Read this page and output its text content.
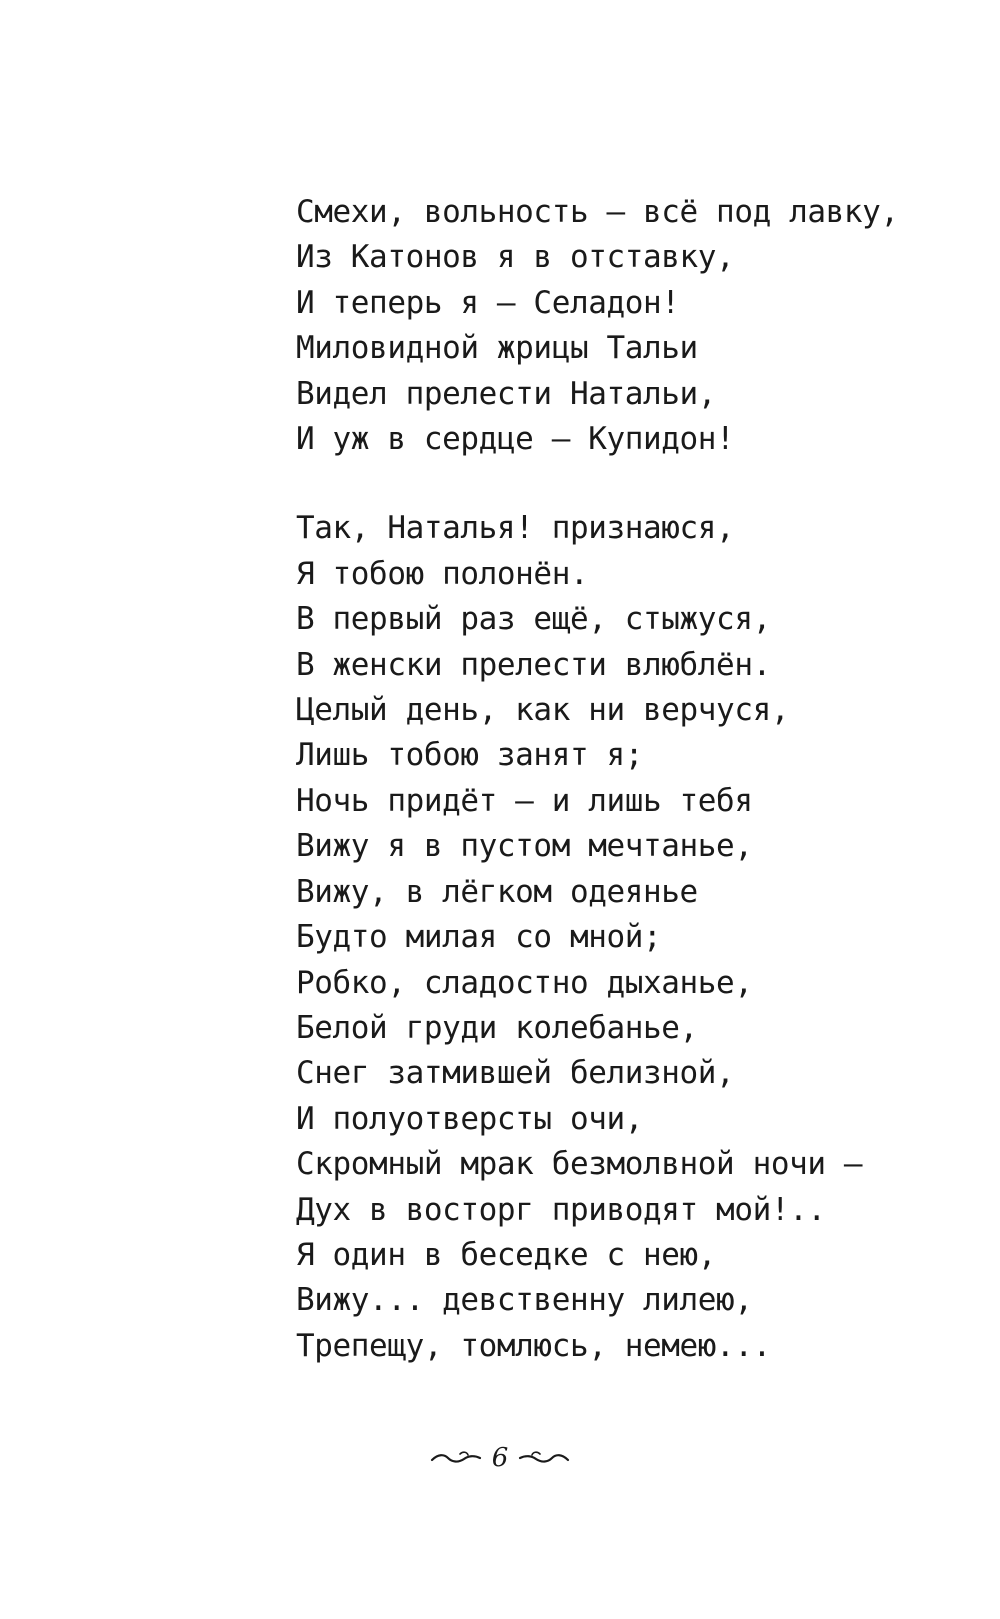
Смехи, вольность — всё под лавку,
Из Катонов я в отставку,
И теперь я — Селадон!
Миловидной жрицы Тальи
Видел прелести Натальи,
И уж в сердце — Купидон!
Так, Наталья! признаюся,
Я тобою полонён.
В первый раз ещё, стыжуся,
В женски прелести влюблён.
Целый день, как ни верчуся,
Лишь тобою занят я;
Ночь придёт — и лишь тебя
Вижу я в пустом мечтанье,
Вижу, в лёгком одеянье
Будто милая со мной;
Робко, сладостно дыханье,
Белой груди колебанье,
Снег затмившей белизной,
И полуотверсты очи,
Скромный мрак безмолвной ночи —
Дух в восторг приводят мой!..
Я один в беседке с нею,
Вижу... девственну лилею,
Трепещу, томлюсь, немею...
6
